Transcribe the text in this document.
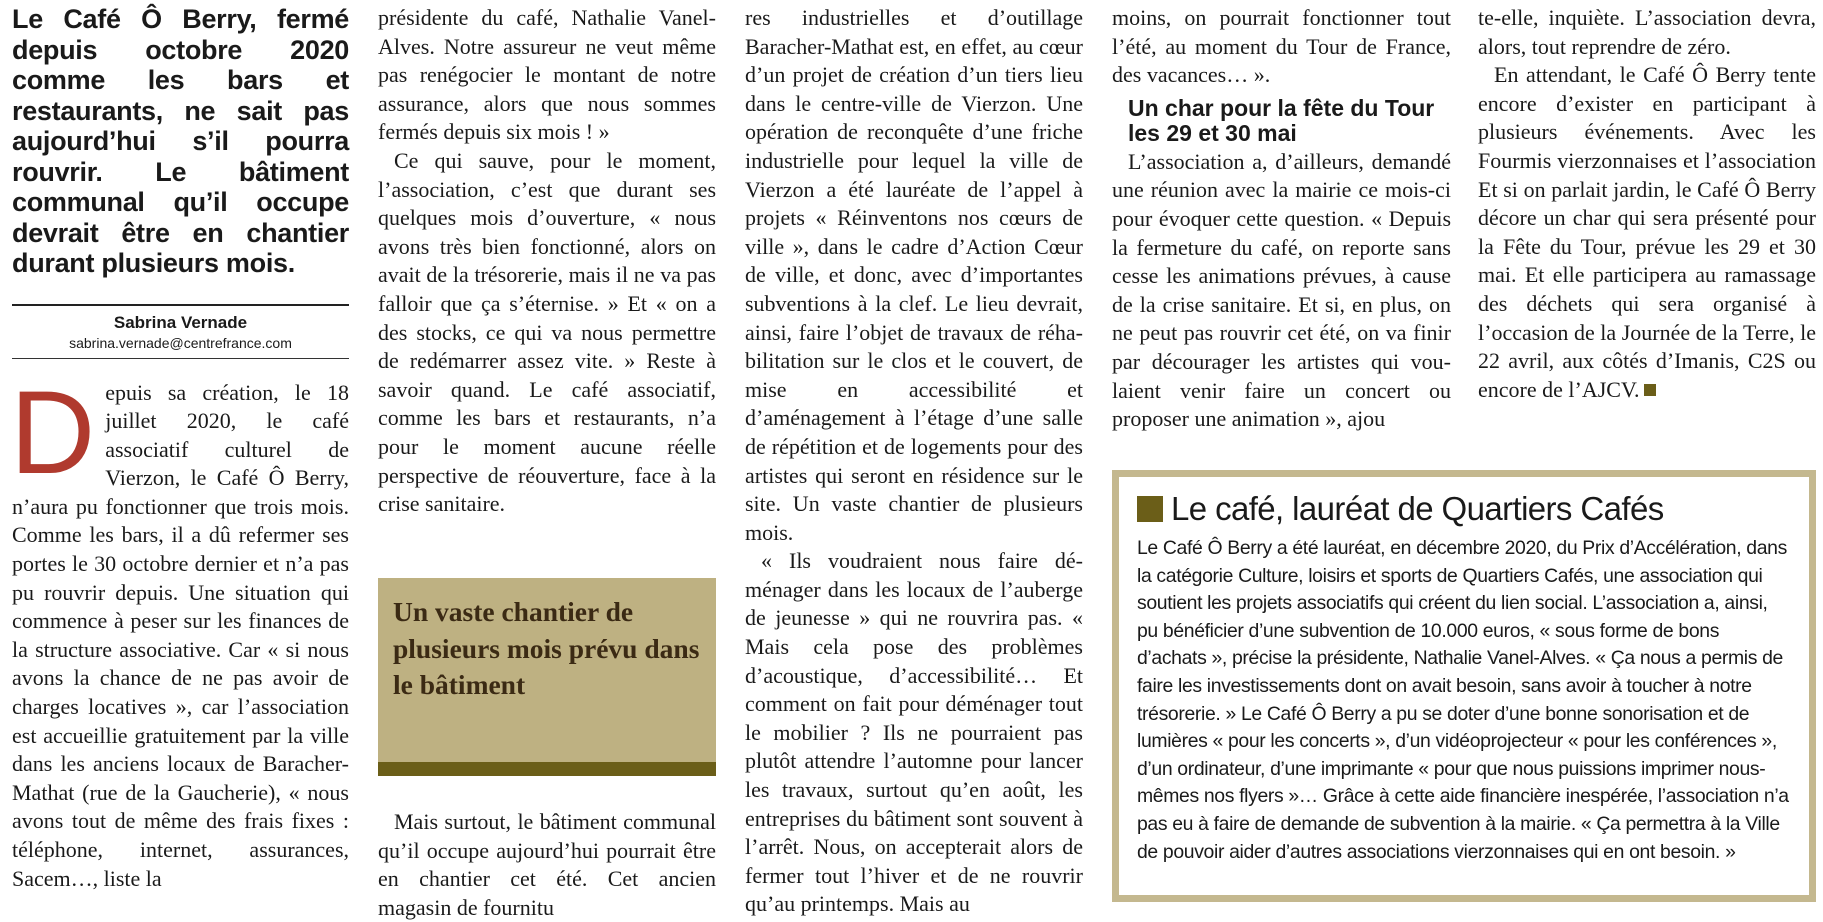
Le Café Ô Berry, fermé depuis octobre 2020 comme les bars et restaurants, ne sait pas aujourd’hui s’il pourra rouvrir. Le bâtiment communal qu’il occupe devrait être en chantier durant plusieurs mois.

Sabrina Vernade
sabrina.vernade@centrefrance.com

Depuis sa création, le 18 juillet 2020, le café associatif culturel de Vierzon, le Café Ô Berry, n’aura pu fonctionner que trois mois. Comme les bars, il a dû refermer ses portes le 30 octobre dernier et n’a pas pu rouvrir depuis. Une situation qui commence à peser sur les finances de la structure associative. Car « si nous avons la chance de ne pas avoir de charges locatives », car l’association est accueillie gratuitement par la ville dans les anciens locaux de Baracher-Mathat (rue de la Gaucherie), « nous avons tout de même des frais fixes : téléphone, internet, assurances, Sacem…, liste la

présidente du café, Nathalie Vanel-Alves. Notre assureur ne veut même pas renégocier le montant de notre assurance, alors que nous sommes fermés depuis six mois ! »

Ce qui sauve, pour le moment, l’association, c’est que durant ses quelques mois d’ouverture, « nous avons très bien fonctionné, alors on avait de la trésorerie, mais il ne va pas falloir que ça s’éternise. » Et « on a des stocks, ce qui va nous permettre de redémarrer assez vite. » Reste à savoir quand. Le café associatif, comme les bars et restaurants, n’a pour le moment aucune réelle perspective de réouverture, face à la crise sanitaire.

Un vaste chantier de plusieurs mois prévu dans le bâtiment

Mais surtout, le bâtiment communal qu’il occupe aujourd’hui pourrait être en chantier cet été. Cet ancien magasin de fournitu

res industrielles et d’outillage Baracher-Mathat est, en effet, au cœur d’un projet de création d’un tiers lieu dans le centre-ville de Vierzon. Une opération de reconquête d’une friche industrielle pour lequel la ville de Vierzon a été lauréate de l’appel à projets « Réinventons nos cœurs de ville », dans le cadre d’Action Cœur de ville, et donc, avec d’importantes subventions à la clef. Le lieu devrait, ainsi, faire l’objet de travaux de réhabilitation sur le clos et le couvert, de mise en accessibilité et d’aménagement à l’étage d’une salle de répétition et de logements pour des artistes qui seront en résidence sur le site. Un vaste chantier de plusieurs mois.

« Ils voudraient nous faire déménager dans les locaux de l’auberge de jeunesse » qui ne rouvrira pas. « Mais cela pose des problèmes d’acoustique, d’accessibilité… Et comment on fait pour déménager tout le mobilier ? Ils ne pourraient pas plutôt attendre l’automne pour lancer les travaux, surtout qu’en août, les entreprises du bâtiment sont souvent à l’arrêt. Nous, on accepterait alors de fermer tout l’hiver et de ne rouvrir qu’au printemps. Mais au

moins, on pourrait fonctionner tout l’été, au moment du Tour de France, des vacances… ».

Un char pour la fête du Tour les 29 et 30 mai

L’association a, d’ailleurs, demandé une réunion avec la mairie ce mois-ci pour évoquer cette question. « Depuis la fermeture du café, on reporte sans cesse les animations prévues, à cause de la crise sanitaire. Et si, en plus, on ne peut pas rouvrir cet été, on va finir par décourager les artistes qui voulaient venir faire un concert ou proposer une animation », ajou

te-elle, inquiète. L’association devra, alors, tout reprendre de zéro.

En attendant, le Café Ô Berry tente encore d’exister en participant à plusieurs événements. Avec les Fourmis vierzonnaises et l’association Et si on parlait jardin, le Café Ô Berry décore un char qui sera présenté pour la Fête du Tour, prévue les 29 et 30 mai. Et elle participera au ramassage des déchets qui sera organisé à l’occasion de la Journée de la Terre, le 22 avril, aux côtés d’Imanis, C2S ou encore de l’AJCV.

Le café, lauréat de Quartiers Cafés

Le Café Ô Berry a été lauréat, en décembre 2020, du Prix d’Accélération, dans la catégorie Culture, loisirs et sports de Quartiers Cafés, une association qui soutient les projets associatifs qui créent du lien social. L’association a, ainsi, pu bénéficier d’une subvention de 10.000 euros, « sous forme de bons d’achats », précise la présidente, Nathalie Vanel-Alves. « Ça nous a permis de faire les investissements dont on avait besoin, sans avoir à toucher à notre trésorerie. » Le Café Ô Berry a pu se doter d’une bonne sonorisation et de lumières « pour les concerts », d’un vidéoprojecteur « pour les conférences », d’un ordinateur, d’une imprimante « pour que nous puissions imprimer nous-mêmes nos flyers »… Grâce à cette aide financière inespérée, l’association n’a pas eu à faire de demande de subvention à la mairie. « Ça permettra à la Ville de pouvoir aider d’autres associations vierzonnaises qui en ont besoin. »
